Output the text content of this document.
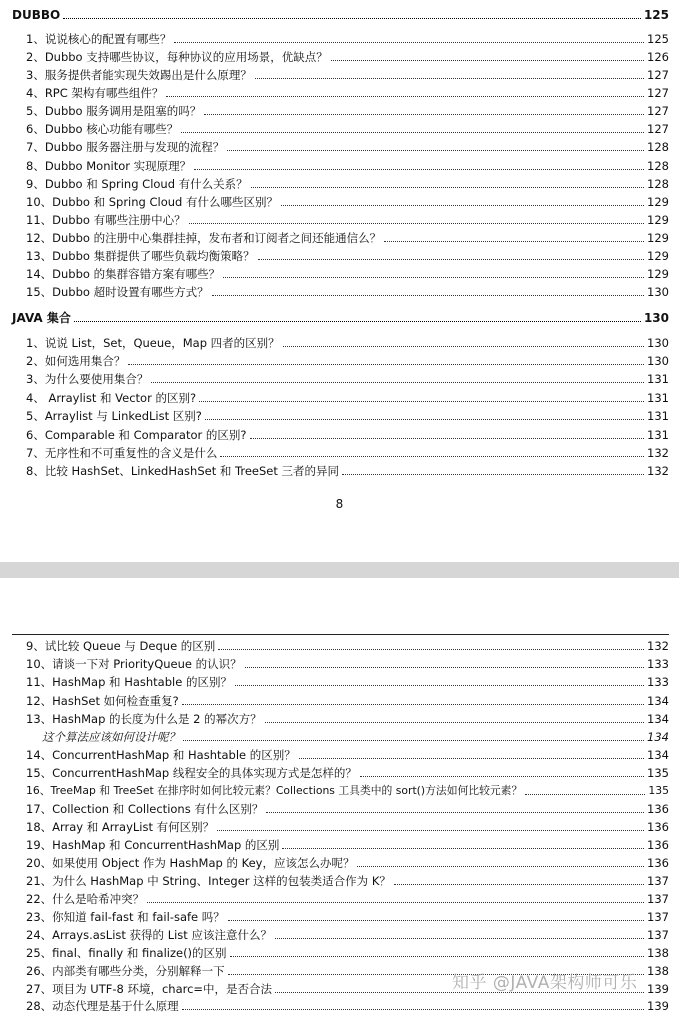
DUBBO	125
1、说说核心的配置有哪些？	125
2、Dubbo 支持哪些协议，每种协议的应用场景，优缺点？	126
3、服务提供者能实现失效踢出是什么原理？	127
4、RPC 架构有哪些组件？	127
5、Dubbo 服务调用是阻塞的吗？	127
6、Dubbo 核心功能有哪些？	127
7、Dubbo 服务器注册与发现的流程？	128
8、Dubbo Monitor 实现原理？	128
9、Dubbo 和 Spring Cloud 有什么关系？	128
10、Dubbo 和 Spring Cloud 有什么哪些区别？	129
11、Dubbo 有哪些注册中心？	129
12、Dubbo 的注册中心集群挂掉，发布者和订阅者之间还能通信么？	129
13、Dubbo 集群提供了哪些负载均衡策略？	129
14、Dubbo 的集群容错方案有哪些？	129
15、Dubbo 超时设置有哪些方式？	130
JAVA 集合	130
1、说说 List，Set，Queue，Map 四者的区别？	130
2、如何选用集合？	130
3、为什么要使用集合？	131
4、 Arraylist 和 Vector 的区别?	131
5、Arraylist 与 LinkedList 区别?	131
6、Comparable 和 Comparator 的区别?	131
7、无序性和不可重复性的含义是什么	132
8、比较 HashSet、LinkedHashSet 和 TreeSet 三者的异同	132
8
9、试比较 Queue 与 Deque 的区别	132
10、请谈一下对 PriorityQueue 的认识？	133
11、HashMap 和 Hashtable 的区别？	133
12、HashSet 如何检查重复?	134
13、HashMap 的长度为什么是 2 的幂次方？	134
这个算法应该如何设计呢？	134
14、ConcurrentHashMap 和 Hashtable 的区别？	134
15、ConcurrentHashMap 线程安全的具体实现方式是怎样的？	135
16、TreeMap 和 TreeSet 在排序时如何比较元素？Collections 工具类中的 sort()方法如何比较元素？	135
17、Collection 和 Collections 有什么区别？	136
18、Array 和 ArrayList 有何区别？	136
19、HashMap 和 ConcurrentHashMap 的区别	136
20、如果使用 Object 作为 HashMap 的 Key，应该怎么办呢？	136
21、为什么 HashMap 中 String、Integer 这样的包装类适合作为 K？	137
22、什么是哈希冲突？	137
23、你知道 fail-fast 和 fail-safe 吗？	137
24、Arrays.asList 获得的 List 应该注意什么？	137
25、final、finally 和 finalize()的区别	138
26、内部类有哪些分类，分别解释一下	138
27、项目为 UTF-8 环境，charc=中，是否合法	139
28、动态代理是基于什么原理	139
知乎 @JAVA架构师可乐
